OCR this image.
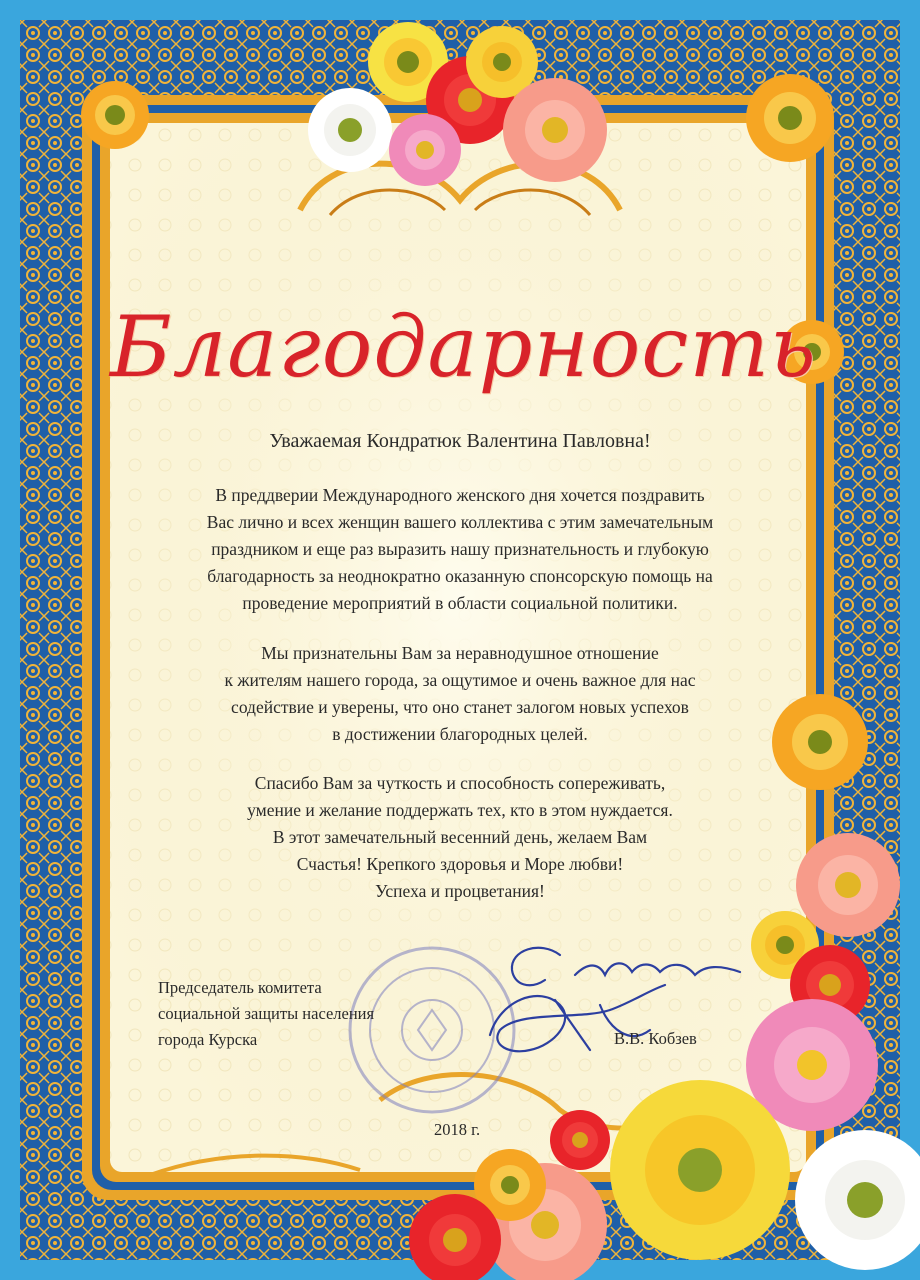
Благодарность
Уважаемая Кондратюк Валентина Павловна!
В преддверии Международного женского дня хочется поздравить
Вас лично и всех женщин вашего коллектива с этим замечательным
праздником и еще раз выразить нашу признательность и глубокую
благодарность за неоднократно оказанную спонсорскую помощь на
проведение мероприятий в области социальной политики.
Мы признательны Вам за неравнодушное отношение
к жителям нашего города, за ощутимое и очень важное для нас
содействие и уверены, что оно станет залогом новых успехов
в достижении благородных целей.
Спасибо Вам за чуткость и способность сопереживать,
умение и желание поддержать тех, кто в этом нуждается.
В этот замечательный весенний день, желаем Вам
Счастья! Крепкого здоровья и Море любви!
Успеха и процветания!
Председатель комитета
социальной защиты населения
города Курска	В.В. Кобзев
2018 г.
